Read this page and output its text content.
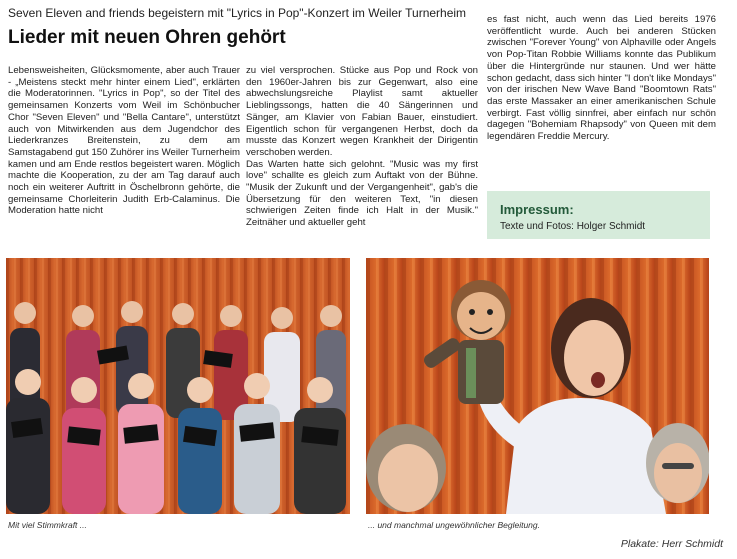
Seven Eleven and friends begeistern mit "Lyrics in Pop"-Konzert im Weiler Turnerheim
Lieder mit neuen Ohren gehört

Lebensweisheiten, Glücksmomente, aber auch Trauer - „Meistens steckt mehr hinter einem Lied", erklärten die Moderatorinnen. "Lyrics in Pop", so der Titel des gemeinsamen Konzerts vom Weil im Schönbucher Chor "Seven Eleven" und "Bella Cantare", unterstützt auch von Mitwirkenden aus dem Jugendchor des Liederkranzes Breitenstein, zu dem am Samstagabend gut 150 Zuhörer ins Weiler Turnerheim kamen und am Ende restlos begeistert waren. Möglich machte die Kooperation, zu der am Tag darauf auch noch ein weiterer Auftritt in Öschelbronn gehörte, die gemeinsame Chorleiterin Judith Erb-Calaminus. Die Moderation hatte nicht

zu viel versprochen. Stücke aus Pop und Rock von den 1960er-Jahren bis zur Gegenwart, also eine abwechslungsreiche Playlist samt aktueller Lieblingssongs, hatten die 40 Sängerinnen und Sänger, am Klavier von Fabian Bauer, einstudiert. Eigentlich schon für vergangenen Herbst, doch da musste das Konzert wegen Krankheit der Dirigentin verschoben werden.

Das Warten hatte sich gelohnt. "Music was my first love" schallte es gleich zum Auftakt von der Bühne. "Musik der Zukunft und der Vergangenheit", gab's die Übersetzung für den weiteren Text, "in diesen schwierigen Zeiten finde ich Halt in der Musik." Zeitnäher und aktueller geht

es fast nicht, auch wenn das Lied bereits 1976 veröffentlicht wurde. Auch bei anderen Stücken zwischen "Forever Young" von Alphaville oder Angels von Pop-Titan Robbie Williams konnte das Publikum über die Hintergründe nur staunen. Und wer hätte schon gedacht, dass sich hinter "I don't like Mondays" von der irischen New Wave Band "Boomtown Rats" das erste Massaker an einer amerikanischen Schule verbirgt. Fast völlig sinnfrei, aber einfach nur schön dagegen "Bohemiam Rhapsody" von Queen mit dem legendären Freddie Mercury.

Impressum:
Texte und Fotos: Holger Schmidt
Mit viel Stimmkraft ...	... und manchmal ungewöhnlicher Begleitung.
Plakate: Herr Schmidt
